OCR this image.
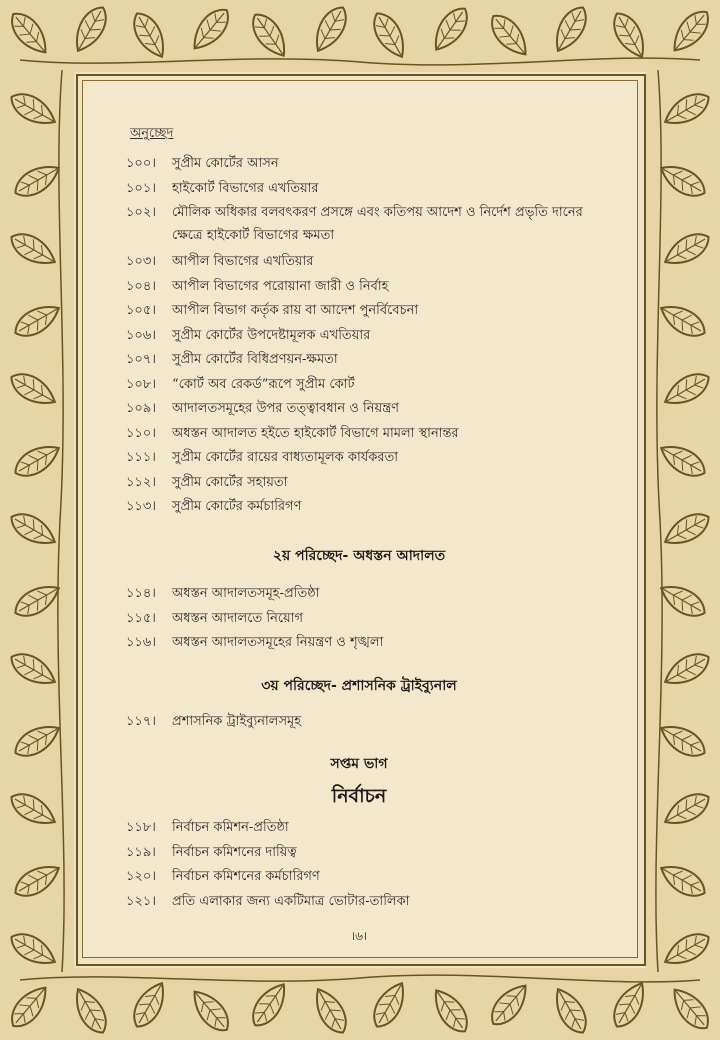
অনুচ্ছেদ
১০০। সুপ্রীম কোর্টের আসন
১০১। হাইকোর্ট বিভাগের এখতিয়ার
১০২। মৌলিক অধিকার বলবৎকরণ প্রসঙ্গে এবং কতিপয় আদেশ ও নির্দেশ প্রভৃতি দানের ক্ষেত্রে হাইকোর্ট বিভাগের ক্ষমতা
১০৩। আপীল বিভাগের এখতিয়ার
১০৪। আপীল বিভাগের পরোয়ানা জারী ও নির্বাহ
১০৫। আপীল বিভাগ কর্তৃক রায় বা আদেশ পুনর্বিবেচনা
১০৬। সুপ্রীম কোর্টের উপদেষ্টামূলক এখতিয়ার
১০৭। সুপ্রীম কোর্টের বিধিপ্রণয়ন-ক্ষমতা
১০৮। “কোর্ট অব রেকর্ড”রূপে সুপ্রীম কোর্ট
১০৯। আদালতসমূহের উপর তত্ত্বাবধান ও নিয়ন্ত্রণ
১১০। অধস্তন আদালত হইতে হাইকোর্ট বিভাগে মামলা স্থানান্তর
১১১। সুপ্রীম কোর্টের রায়ের বাধ্যতামূলক কার্যকরতা
১১২। সুপ্রীম কোর্টের সহায়তা
১১৩। সুপ্রীম কোর্টের কর্মচারিগণ
২য় পরিচ্ছেদ- অধস্তন আদালত
১১৪। অধস্তন আদালতসমূহ-প্রতিষ্ঠা
১১৫। অধস্তন আদালতে নিয়োগ
১১৬। অধস্তন আদালতসমূহের নিয়ন্ত্রণ ও শৃঙ্খলা
৩য় পরিচ্ছেদ- প্রশাসনিক ট্রাইব্যুনাল
১১৭। প্রশাসনিক ট্রাইব্যুনালসমূহ
সপ্তম ভাগ
নির্বাচন
১১৮। নির্বাচন কমিশন-প্রতিষ্ঠা
১১৯। নির্বাচন কমিশনের দায়িত্ব
১২০। নির্বাচন কমিশনের কর্মচারিগণ
১২১। প্রতি এলাকার জন্য একটিমাত্র ভোটার-তালিকা
।৬।
